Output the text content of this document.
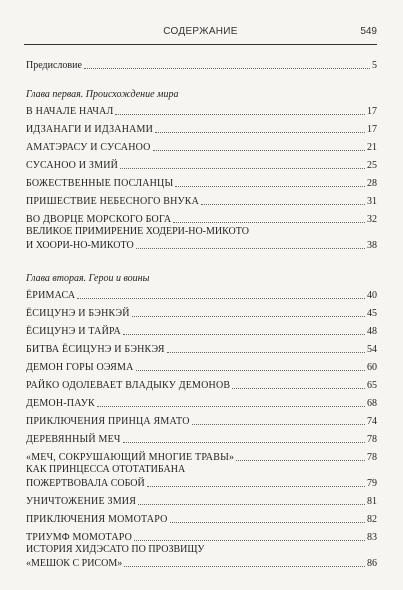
СОДЕРЖАНИЕ	549
Предисловие	5
Глава первая. Происхождение мира
В НАЧАЛЕ НАЧАЛ	17
ИДЗАНАГИ И ИДЗАНАМИ	17
АМАТЭРАСУ И СУСАНОО	21
СУСАНОО И ЗМИЙ	25
БОЖЕСТВЕННЫЕ ПОСЛАНЦЫ	28
ПРИШЕСТВИЕ НЕБЕСНОГО ВНУКА	31
ВО ДВОРЦЕ МОРСКОГО БОГА	32
ВЕЛИКОЕ ПРИМИРЕНИЕ ХОДЕРИ-НО-МИКОТО
И ХООРИ-НО-МИКОТО	38
Глава вторая. Герои и воины
ЁРИМАСА	40
ЁСИЦУНЭ И БЭНКЭЙ	45
ЁСИЦУНЭ И ТАЙРА	48
БИТВА ЁСИЦУНЭ И БЭНКЭЯ	54
ДЕМОН ГОРЫ ОЭЯМА	60
РАЙКО ОДОЛЕВАЕТ ВЛАДЫКУ ДЕМОНОВ	65
ДЕМОН-ПАУК	68
ПРИКЛЮЧЕНИЯ ПРИНЦА ЯМАТО	74
ДЕРЕВЯННЫЙ МЕЧ	78
«МЕЧ, СОКРУШАЮЩИЙ МНОГИЕ ТРАВЫ»	78
КАК ПРИНЦЕССА ОТОТАТИБАНА
ПОЖЕРТВОВАЛА СОБОЙ	79
УНИЧТОЖЕНИЕ ЗМИЯ	81
ПРИКЛЮЧЕНИЯ МОМОТАРО	82
ТРИУМФ МОМОТАРО	83
ИСТОРИЯ ХИДЭСАТО ПО ПРОЗВИЩУ
«МЕШОК С РИСОМ»	86
